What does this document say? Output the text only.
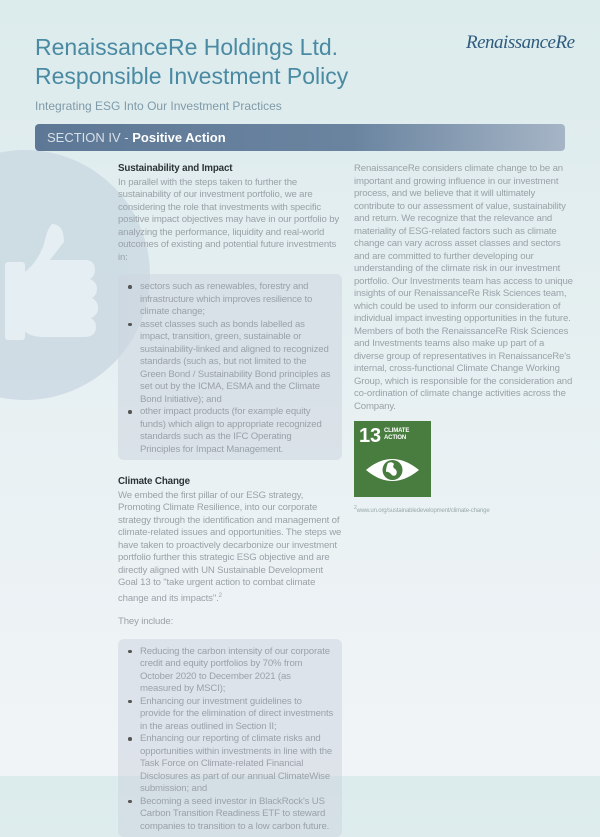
RenaissanceRe
RenaissanceRe Holdings Ltd.
Responsible Investment Policy
Integrating ESG Into Our Investment Practices
SECTION IV - Positive Action
Sustainability and Impact

In parallel with the steps taken to further the sustainability of our investment portfolio, we are considering the role that investments with specific positive impact objectives may have in our portfolio by analyzing the performance, liquidity and real-world outcomes of existing and potential future investments in:

sectors such as renewables, forestry and infrastructure which improves resilience to climate change;
asset classes such as bonds labelled as impact, transition, green, sustainable or sustainability-linked and aligned to recognized standards (such as, but not limited to the Green Bond / Sustainability Bond principles as set out by the ICMA, ESMA and the Climate Bond Initiative); and
other impact products (for example equity funds) which align to appropriate recognized standards such as the IFC Operating Principles for Impact Management.
Climate Change

We embed the first pillar of our ESG strategy, Promoting Climate Resilience, into our corporate strategy through the identification and management of climate-related issues and opportunities. The steps we have taken to proactively decarbonize our investment portfolio further this strategic ESG objective and are directly aligned with UN Sustainable Development Goal 13 to "take urgent action to combat climate change and its impacts".$^2$

They include:

Reducing the carbon intensity of our corporate credit and equity portfolios by 70% from October 2020 to December 2021 (as measured by MSCI);
Enhancing our investment guidelines to provide for the elimination of direct investments in the areas outlined in Section II;
Enhancing our reporting of climate risks and opportunities within investments in line with the Task Force on Climate-related Financial Disclosures as part of our annual ClimateWise submission; and
Becoming a seed investor in BlackRock's US Carbon Transition Readiness ETF to steward companies to transition to a low carbon future.

RenaissanceRe considers climate change to be an important and growing influence in our investment process, and we believe that it will ultimately contribute to our assessment of value, sustainability and return. We recognize that the relevance and materiality of ESG-related factors such as climate change can vary across asset classes and sectors and are committed to further developing our understanding of the climate risk in our investment portfolio. Our Investments team has access to unique insights of our RenaissanceRe Risk Sciences team, which could be used to inform our consideration of individual impact investing opportunities in the future. Members of both the RenaissanceRe Risk Sciences and Investments teams also make up part of a diverse group of representatives in RenaissanceRe's internal, cross-functional Climate Change Working Group, which is responsible for the consideration and co-ordination of climate change activities across the Company.

13 CLIMATE
ACTION
$^2$www.un.org/sustainabledevelopment/climate-change
